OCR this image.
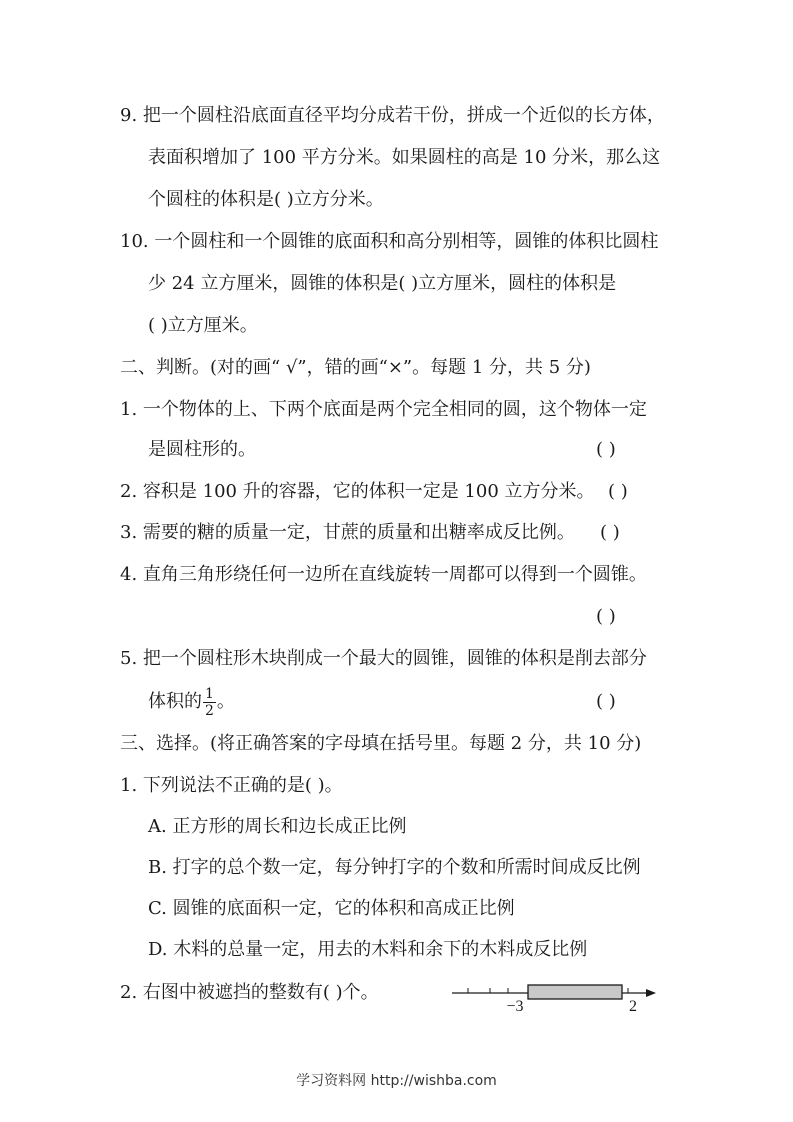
9. 把一个圆柱沿底面直径平均分成若干份，拼成一个近似的长方体，
表面积增加了 100 平方分米。如果圆柱的高是 10 分米，那么这
个圆柱的体积是( )立方分米。
10. 一个圆柱和一个圆锥的底面积和高分别相等，圆锥的体积比圆柱
少 24 立方厘米，圆锥的体积是( )立方厘米，圆柱的体积是
( )立方厘米。
二、判断。(对的画“ √”，错的画“×”。每题 1 分，共 5 分)
1. 一个物体的上、下两个底面是两个完全相同的圆，这个物体一定
是圆柱形的。	( )
2. 容积是 100 升的容器，它的体积一定是 100 立方分米。 ( )
3. 需要的糖的质量一定，甘蔗的质量和出糖率成反比例。 ( )
4. 直角三角形绕任何一边所在直线旋转一周都可以得到一个圆锥。
( )
5. 把一个圆柱形木块削成一个最大的圆锥，圆锥的体积是削去部分
体积的 $\frac{1}{2}$ 。	( )
三、选择。(将正确答案的字母填在括号里。每题 2 分，共 10 分)
1. 下列说法不正确的是( )。
A. 正方形的周长和边长成正比例
B. 打字的总个数一定，每分钟打字的个数和所需时间成反比例
C. 圆锥的底面积一定，它的体积和高成正比例
D. 木料的总量一定，用去的木料和余下的木料成反比例
2. 右图中被遮挡的整数有( )个。
−3	2
学习资料网 http://wishba.com
